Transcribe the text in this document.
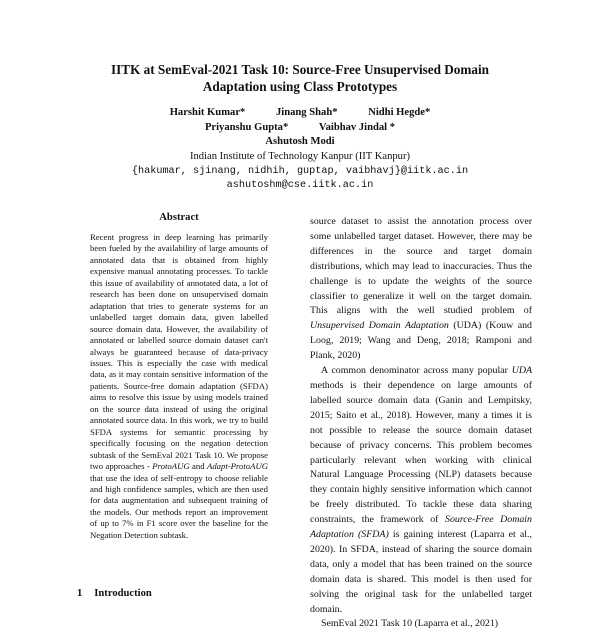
IITK at SemEval-2021 Task 10: Source-Free Unsupervised Domain
Adaptation using Class Prototypes
Harshit Kumar*	Jinang Shah*	Nidhi Hegde*
Priyanshu Gupta*	Vaibhav Jindal *
Ashutosh Modi
Indian Institute of Technology Kanpur (IIT Kanpur)
{hakumar, sjinang, nidhih, guptap, vaibhavj}@iitk.ac.in
ashutoshm@cse.iitk.ac.in
Abstract

Recent progress in deep learning has primarily been fueled by the availability of large amounts of annotated data that is obtained from highly expensive manual annotating processes. To tackle this issue of availability of annotated data, a lot of research has been done on unsupervised domain adaptation that tries to generate systems for an unlabelled target domain data, given labelled source domain data. However, the availability of annotated or labelled source domain dataset can't always be guaranteed because of data-privacy issues. This is especially the case with medical data, as it may contain sensitive information of the patients. Source-free domain adaptation (SFDA) aims to resolve this issue by using models trained on the source data instead of using the original annotated source data. In this work, we try to build SFDA systems for semantic processing by specifically focusing on the negation detection subtask of the SemEval 2021 Task 10. We propose two approaches - ProtoAUG and Adapt-ProtoAUG that use the idea of self-entropy to choose reliable and high confidence samples, which are then used for data augmentation and subsequent training of the models. Our methods report an improvement of up to 7% in F1 score over the baseline for the Negation Detection subtask.

1 Introduction

source dataset to assist the annotation process over some unlabelled target dataset. However, there may be differences in the source and target domain distributions, which may lead to inaccuracies. Thus the challenge is to update the weights of the source classifier to generalize it well on the target domain. This aligns with the well studied problem of Unsupervised Domain Adaptation (UDA) (Kouw and Loog, 2019; Wang and Deng, 2018; Ramponi and Plank, 2020)

A common denominator across many popular UDA methods is their dependence on large amounts of labelled source domain data (Ganin and Lempitsky, 2015; Saito et al., 2018). However, many a times it is not possible to release the source domain dataset because of privacy concerns. This problem becomes particularly relevant when working with clinical Natural Language Processing (NLP) datasets because they contain highly sensitive information which cannot be freely distributed. To tackle these data sharing constraints, the framework of Source-Free Domain Adaptation (SFDA) is gaining interest (Laparra et al., 2020). In SFDA, instead of sharing the source domain data, only a model that has been trained on the source domain data is shared. This model is then used for solving the original task for the unlabelled target domain.

SemEval 2021 Task 10 (Laparra et al., 2021)
